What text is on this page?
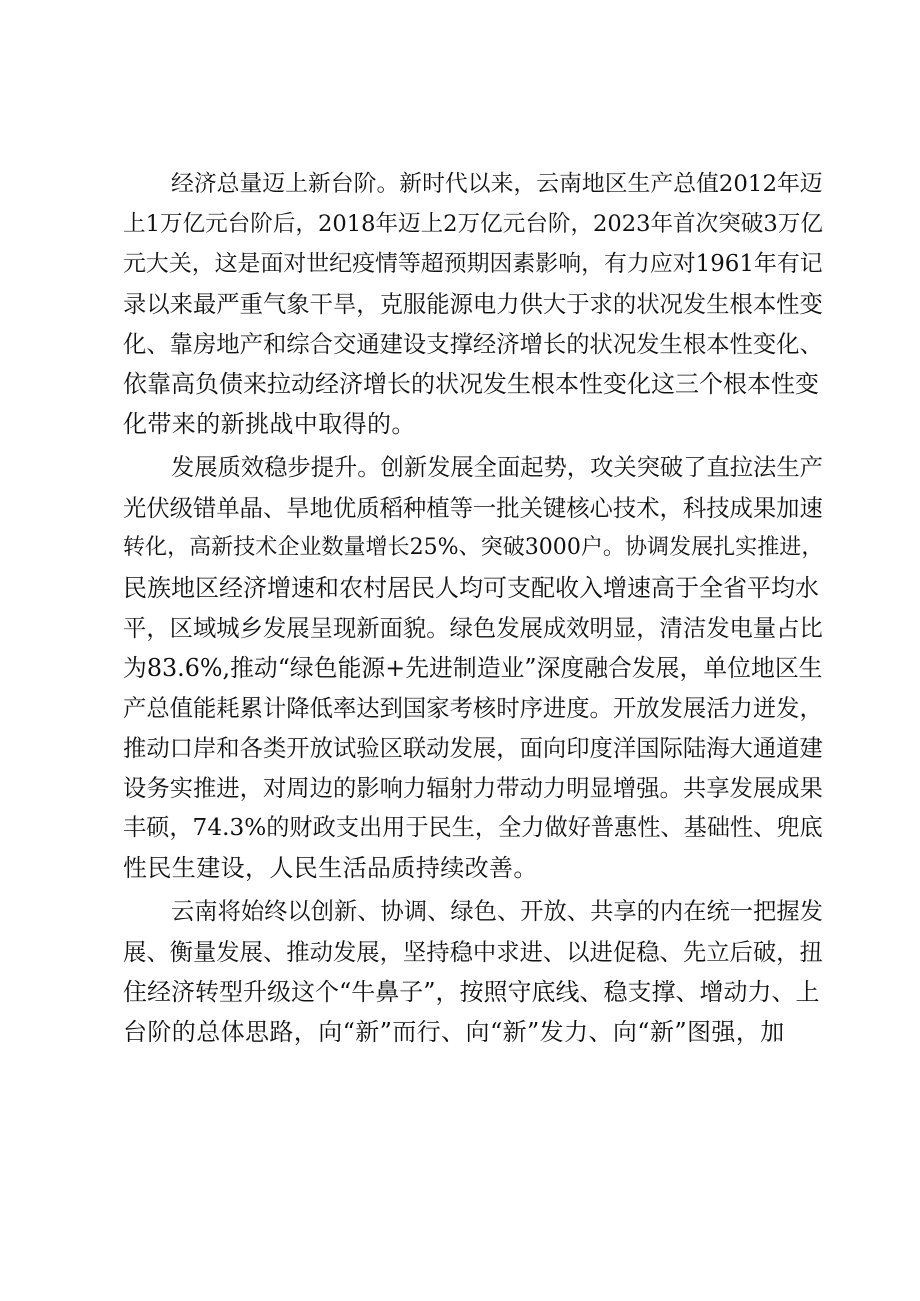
经济总量迈上新台阶。新时代以来，云南地区生产总值2012年迈
上1万亿元台阶后，2018年迈上2万亿元台阶，2023年首次突破3万亿
元大关，这是面对世纪疫情等超预期因素影响，有力应对1961年有记
录以来最严重气象干旱，克服能源电力供大于求的状况发生根本性变
化、靠房地产和综合交通建设支撑经济增长的状况发生根本性变化、
依靠高负债来拉动经济增长的状况发生根本性变化这三个根本性变
化带来的新挑战中取得的。

发展质效稳步提升。创新发展全面起势，攻关突破了直拉法生产
光伏级错单晶、旱地优质稻种植等一批关键核心技术，科技成果加速
转化，高新技术企业数量增长25%、突破3000户。协调发展扎实推进，
民族地区经济增速和农村居民人均可支配收入增速高于全省平均水
平，区域城乡发展呈现新面貌。绿色发展成效明显，清洁发电量占比
为83.6%,推动“绿色能源+先进制造业”深度融合发展，单位地区生
产总值能耗累计降低率达到国家考核时序进度。开放发展活力迸发，
推动口岸和各类开放试验区联动发展，面向印度洋国际陆海大通道建
设务实推进，对周边的影响力辐射力带动力明显增强。共享发展成果
丰硕，74.3%的财政支出用于民生，全力做好普惠性、基础性、兜底
性民生建设，人民生活品质持续改善。

云南将始终以创新、协调、绿色、开放、共享的内在统一把握发
展、衡量发展、推动发展，坚持稳中求进、以进促稳、先立后破，扭
住经济转型升级这个“牛鼻子”，按照守底线、稳支撑、增动力、上
台阶的总体思路，向“新”而行、向“新”发力、向“新”图强，加
